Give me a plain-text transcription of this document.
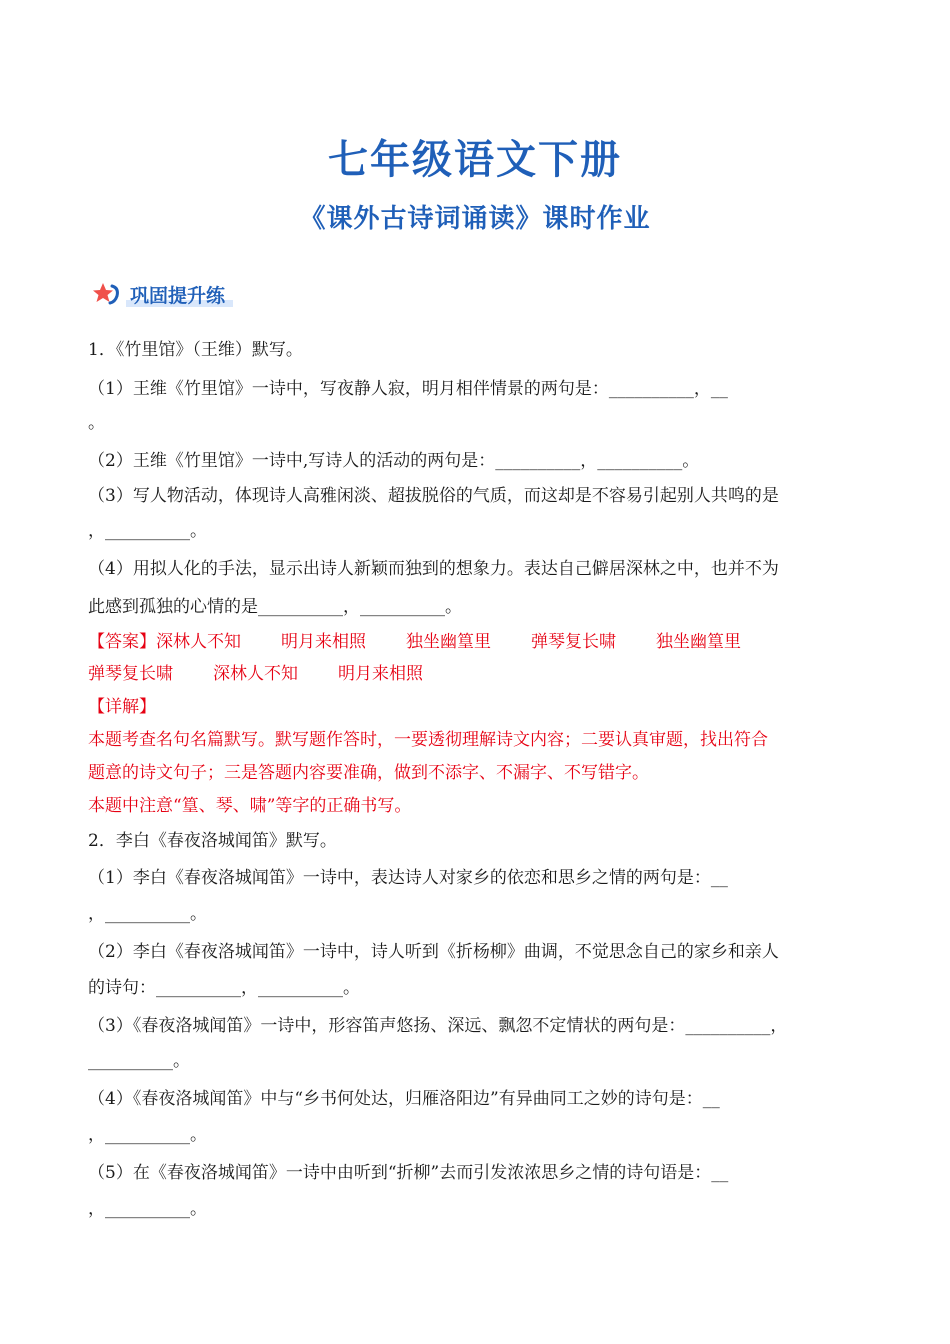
七年级语文下册
《课外古诗词诵读》课时作业
巩固提升练
1．《竹里馆》（王维）默写。
（1）王维《竹里馆》一诗中，写夜静人寂，明月相伴情景的两句是：__________，__
。
（2）王维《竹里馆》一诗中,写诗人的活动的两句是：__________，__________。
（3）写人物活动，体现诗人高雅闲淡、超拔脱俗的气质，而这却是不容易引起别人共鸣的是
，__________。
（4）用拟人化的手法，显示出诗人新颖而独到的想象力。表达自己僻居深林之中，也并不为
此感到孤独的心情的是__________，__________。
【答案】深林人不知 明月来相照 独坐幽篁里 弹琴复长啸 独坐幽篁里
弹琴复长啸 深林人不知 明月来相照
【详解】
本题考查名句名篇默写。默写题作答时，一要透彻理解诗文内容；二要认真审题，找出符合
题意的诗文句子；三是答题内容要准确，做到不添字、不漏字、不写错字。
本题中注意“篁、琴、啸”等字的正确书写。
2．李白《春夜洛城闻笛》默写。
（1）李白《春夜洛城闻笛》一诗中，表达诗人对家乡的依恋和思乡之情的两句是：__
，__________。
（2）李白《春夜洛城闻笛》一诗中，诗人听到《折杨柳》曲调，不觉思念自己的家乡和亲人
的诗句：__________，__________。
（3）《春夜洛城闻笛》一诗中，形容笛声悠扬、深远、飘忽不定情状的两句是：__________，
__________。
（4）《春夜洛城闻笛》中与“乡书何处达，归雁洛阳边”有异曲同工之妙的诗句是：__
，__________。
（5）在《春夜洛城闻笛》一诗中由听到“折柳”去而引发浓浓思乡之情的诗句语是：__
，__________。
